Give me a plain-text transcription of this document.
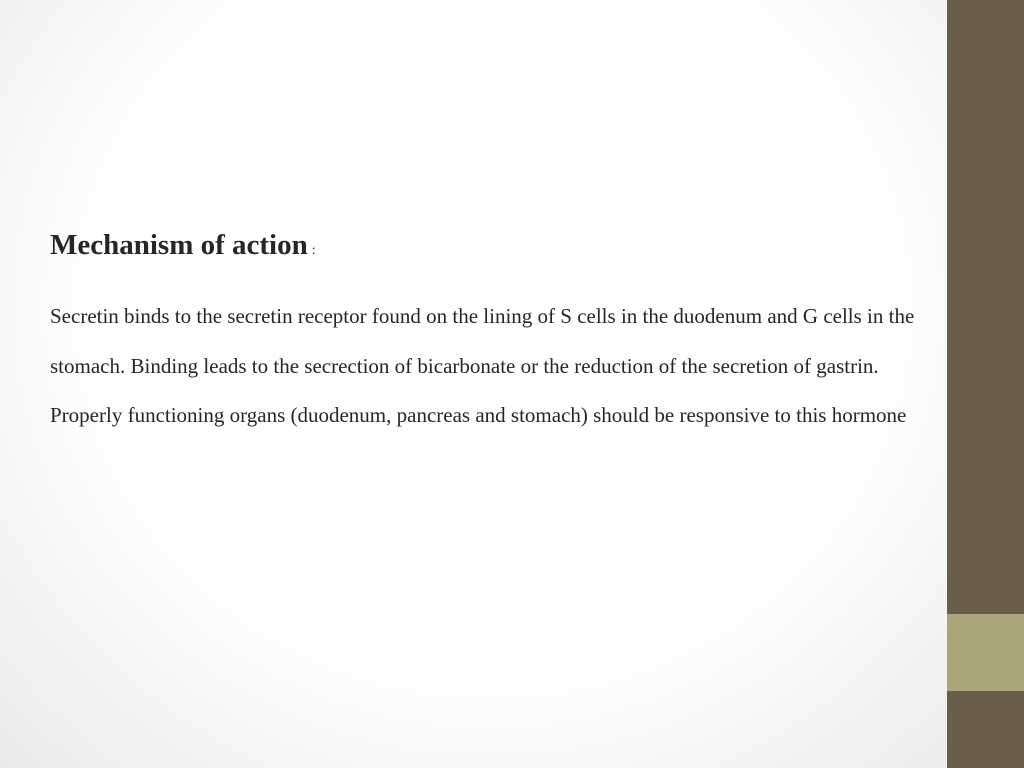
Mechanism of action :

Secretin binds to the secretin receptor found on the lining of S cells in the duodenum and G cells in the stomach. Binding leads to the secrection of bicarbonate or the reduction of the secretion of gastrin. Properly functioning organs (duodenum, pancreas and stomach) should be responsive to this hormone
